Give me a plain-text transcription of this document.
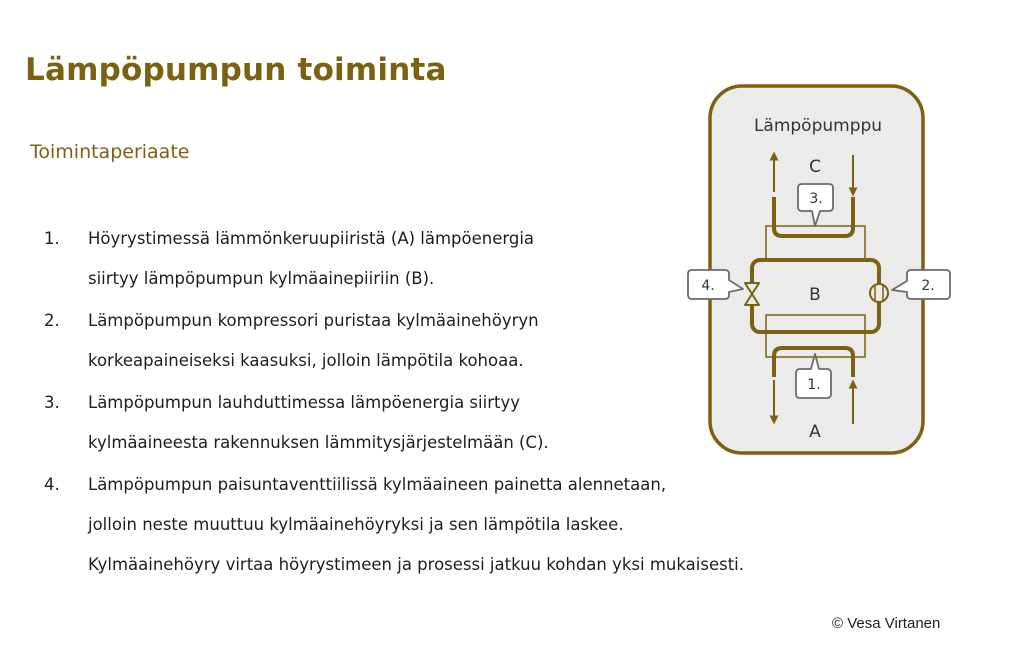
Lämpöpumpun toiminta
Toimintaperiaate
1. Höyrystimessä lämmönkeruupiiristä (A) lämpöenergia
siirtyy lämpöpumpun kylmäainepiiriin (B).
2. Lämpöpumpun kompressori puristaa kylmäainehöyryn
korkeapaineiseksi kaasuksi, jolloin lämpötila kohoaa.
3. Lämpöpumpun lauhduttimessa lämpöenergia siirtyy
kylmäaineesta rakennuksen lämmitysjärjestelmään (C).
4. Lämpöpumpun paisuntaventtiilissä kylmäaineen painetta alennetaan,
jolloin neste muuttuu kylmäainehöyryksi ja sen lämpötila laskee.
Kylmäainehöyry virtaa höyrystimeen ja prosessi jatkuu kohdan yksi mukaisesti.
Lämpöpumppu
C
B
A
3.
1.
4.	2.
© Vesa Virtanen
